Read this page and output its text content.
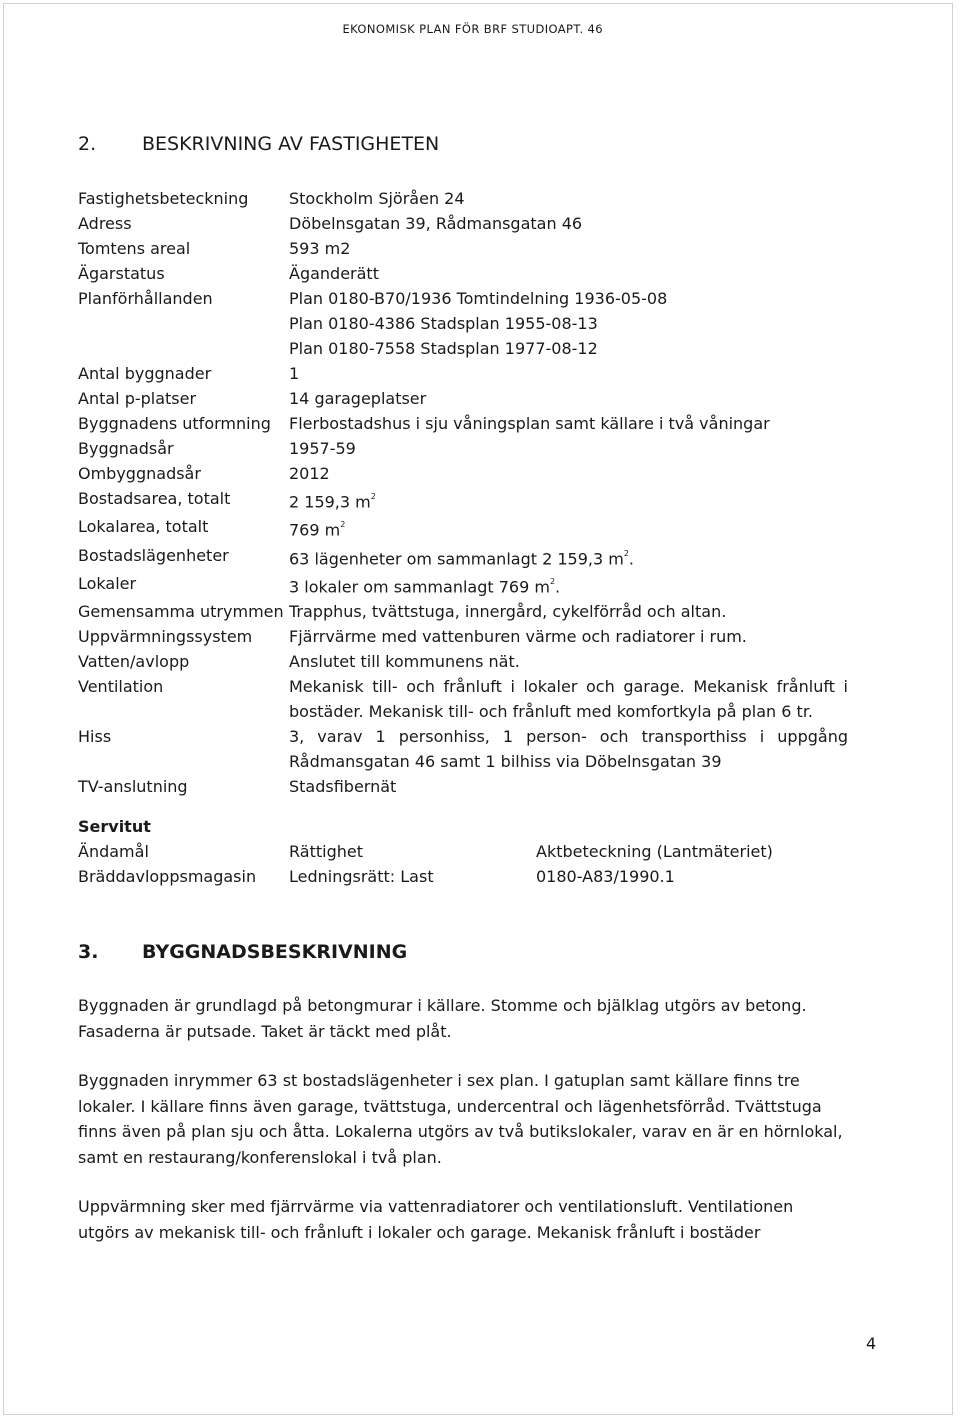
EKONOMISK PLAN FÖR BRF STUDIOAPT. 46
2. BESKRIVNING AV FASTIGHETEN
Fastighetsbeteckning	Stockholm Sjöråen 24
Adress	Döbelnsgatan 39, Rådmansgatan 46
Tomtens areal	593 m2
Ägarstatus	Äganderätt
Planförhållanden	Plan 0180-B70/1936 Tomtindelning 1936-05-08
Plan 0180-4386 Stadsplan 1955-08-13
Plan 0180-7558 Stadsplan 1977-08-12
Antal byggnader	1
Antal p-platser	14 garageplatser
Byggnadens utformning	Flerbostadshus i sju våningsplan samt källare i två våningar
Byggnadsår	1957-59
Ombyggnadsår	2012
Bostadsarea, totalt	2 159,3 $m^2$
Lokalarea, totalt	769 $m^2$
Bostadslägenheter	63 lägenheter om sammanlagt 2 159,3 $m^2$.
Lokaler	3 lokaler om sammanlagt 769 $m^2$.
Gemensamma utrymmen Trapphus, tvättstuga, innergård, cykelförråd och altan.
Uppvärmningssystem	Fjärrvärme med vattenburen värme och radiatorer i rum.
Vatten/avlopp	Anslutet till kommunens nät.
Ventilation	Mekanisk till- och frånluft i lokaler och garage. Mekanisk frånluft i bostäder. Mekanisk till- och frånluft med komfortkyla på plan 6 tr.
Hiss	3, varav 1 personhiss, 1 person- och transporthiss i uppgång Rådmansgatan 46 samt 1 bilhiss via Döbelnsgatan 39
TV-anslutning	Stadsfibernät
Servitut
Ändamål	Rättighet	Aktbeteckning (Lantmäteriet)
Bräddavloppsmagasin	Ledningsrätt: Last	0180-A83/1990.1
3. BYGGNADSBESKRIVNING
Byggnaden är grundlagd på betongmurar i källare. Stomme och bjälklag utgörs av betong. Fasaderna är putsade. Taket är täckt med plåt.
Byggnaden inrymmer 63 st bostadslägenheter i sex plan. I gatuplan samt källare finns tre lokaler. I källare finns även garage, tvättstuga, undercentral och lägenhetsförråd. Tvättstuga finns även på plan sju och åtta. Lokalerna utgörs av två butikslokaler, varav en är en hörnlokal, samt en restaurang/konferenslokal i två plan.
Uppvärmning sker med fjärrvärme via vattenradiatorer och ventilationsluft. Ventilationen utgörs av mekanisk till- och frånluft i lokaler och garage. Mekanisk frånluft i bostäder
4
